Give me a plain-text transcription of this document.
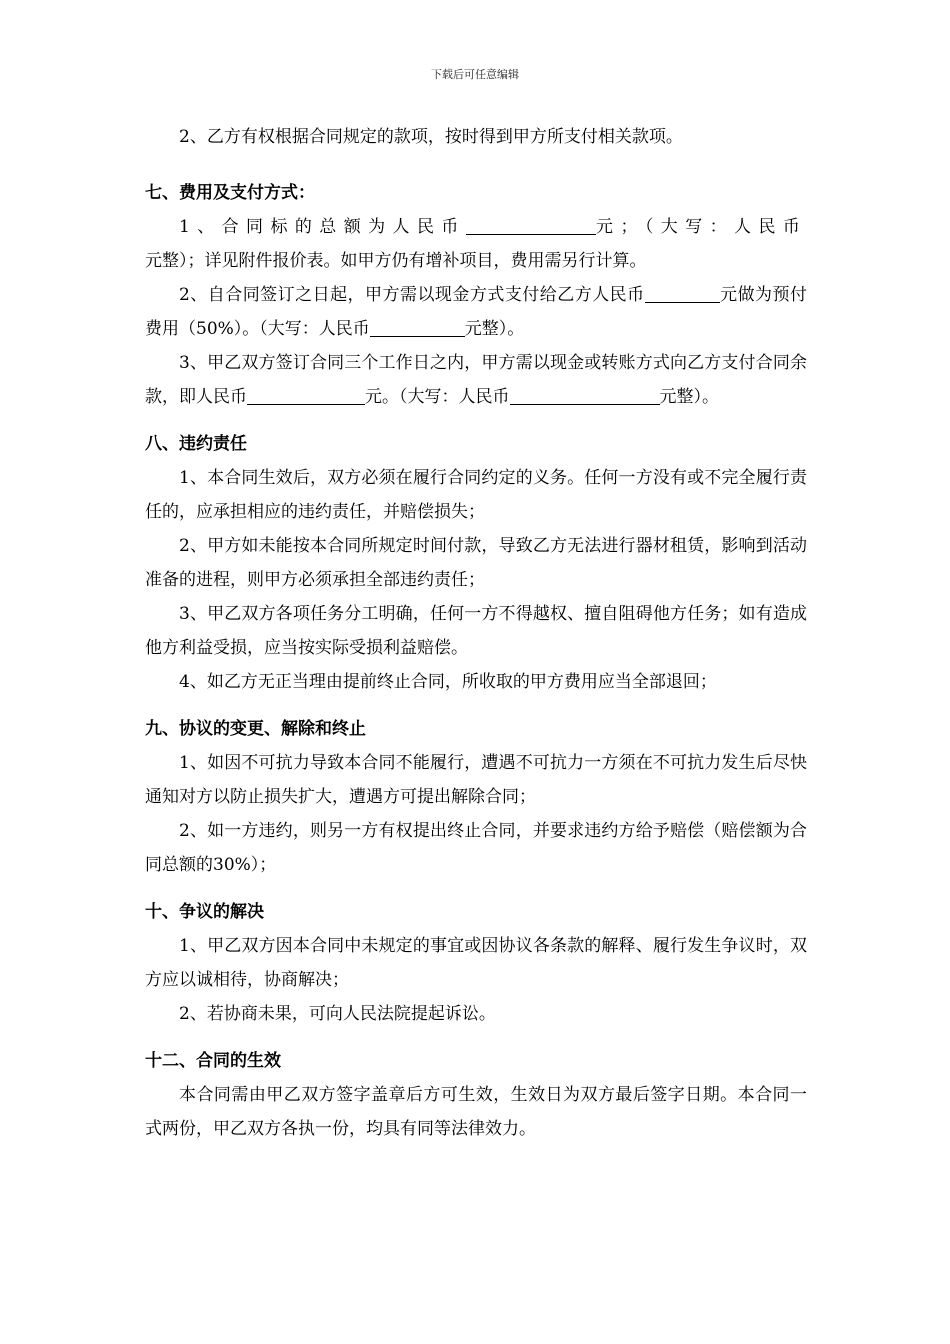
下载后可任意编辑

2、乙方有权根据合同规定的款项，按时得到甲方所支付相关款项。

七、费用及支付方式：

1、合同标的总额为人民币	元；（大写：人民币元整）；详见附件报价表。如甲方仍有增补项目，费用需另行计算。

2、自合同签订之日起，甲方需以现金方式支付给乙方人民币	元做为预付费用（50%）。（大写：人民币	元整）。

3、甲乙双方签订合同三个工作日之内，甲方需以现金或转账方式向乙方支付合同余款，即人民币	元。（大写：人民币	元整）。

八、违约责任

1、本合同生效后，双方必须在履行合同约定的义务。任何一方没有或不完全履行责任的，应承担相应的违约责任，并赔偿损失；

2、甲方如未能按本合同所规定时间付款，导致乙方无法进行器材租赁，影响到活动准备的进程，则甲方必须承担全部违约责任；

3、甲乙双方各项任务分工明确，任何一方不得越权、擅自阻碍他方任务；如有造成他方利益受损，应当按实际受损利益赔偿。

4、如乙方无正当理由提前终止合同，所收取的甲方费用应当全部退回；

九、协议的变更、解除和终止

1、如因不可抗力导致本合同不能履行，遭遇不可抗力一方须在不可抗力发生后尽快通知对方以防止损失扩大，遭遇方可提出解除合同；

2、如一方违约，则另一方有权提出终止合同，并要求违约方给予赔偿（赔偿额为合同总额的30%）；

十、争议的解决

1、甲乙双方因本合同中未规定的事宜或因协议各条款的解释、履行发生争议时，双方应以诚相待，协商解决；

2、若协商未果，可向人民法院提起诉讼。

十二、合同的生效

本合同需由甲乙双方签字盖章后方可生效，生效日为双方最后签字日期。本合同一式两份，甲乙双方各执一份，均具有同等法律效力。
